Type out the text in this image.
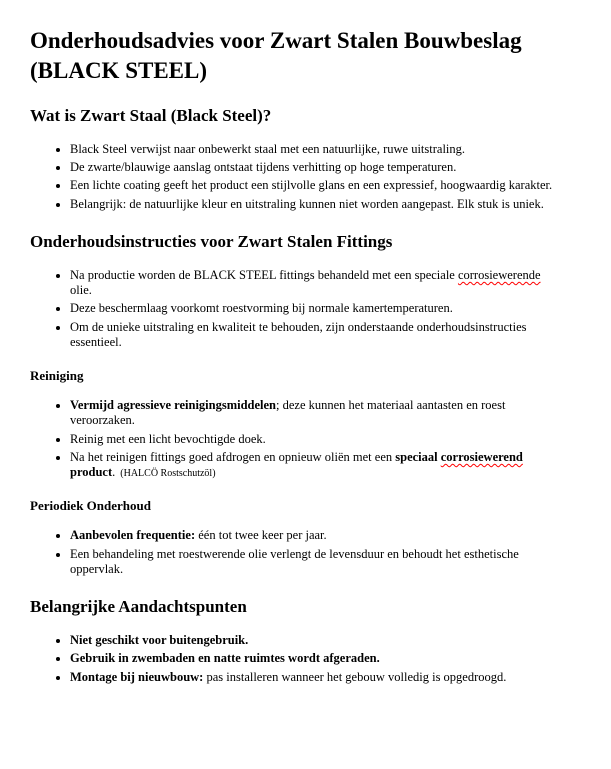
Onderhoudsadvies voor Zwart Stalen Bouwbeslag (BLACK STEEL)
Wat is Zwart Staal (Black Steel)?
• Black Steel verwijst naar onbewerkt staal met een natuurlijke, ruwe uitstraling.
• De zwarte/blauwige aanslag ontstaat tijdens verhitting op hoge temperaturen.
• Een lichte coating geeft het product een stijlvolle glans en een expressief, hoogwaardig karakter.
• Belangrijk: de natuurlijke kleur en uitstraling kunnen niet worden aangepast. Elk stuk is uniek.
Onderhoudsinstructies voor Zwart Stalen Fittings
• Na productie worden de BLACK STEEL fittings behandeld met een speciale corrosiewerende olie.
• Deze beschermlaag voorkomt roestvorming bij normale kamertemperaturen.
• Om de unieke uitstraling en kwaliteit te behouden, zijn onderstaande onderhoudsinstructies essentieel.
Reiniging
• Vermijd agressieve reinigingsmiddelen; deze kunnen het materiaal aantasten en roest veroorzaken.
• Reinig met een licht bevochtigde doek.
• Na het reinigen fittings goed afdrogen en opnieuw oliën met een speciaal corrosiewerend product. (HALCÖ Rostschutzöl)
Periodiek Onderhoud
• Aanbevolen frequentie: één tot twee keer per jaar.
• Een behandeling met roestwerende olie verlengt de levensduur en behoudt het esthetische oppervlak.
Belangrijke Aandachtspunten
• Niet geschikt voor buitengebruik.
• Gebruik in zwembaden en natte ruimtes wordt afgeraden.
• Montage bij nieuwbouw: pas installeren wanneer het gebouw volledig is opgedroogd.
